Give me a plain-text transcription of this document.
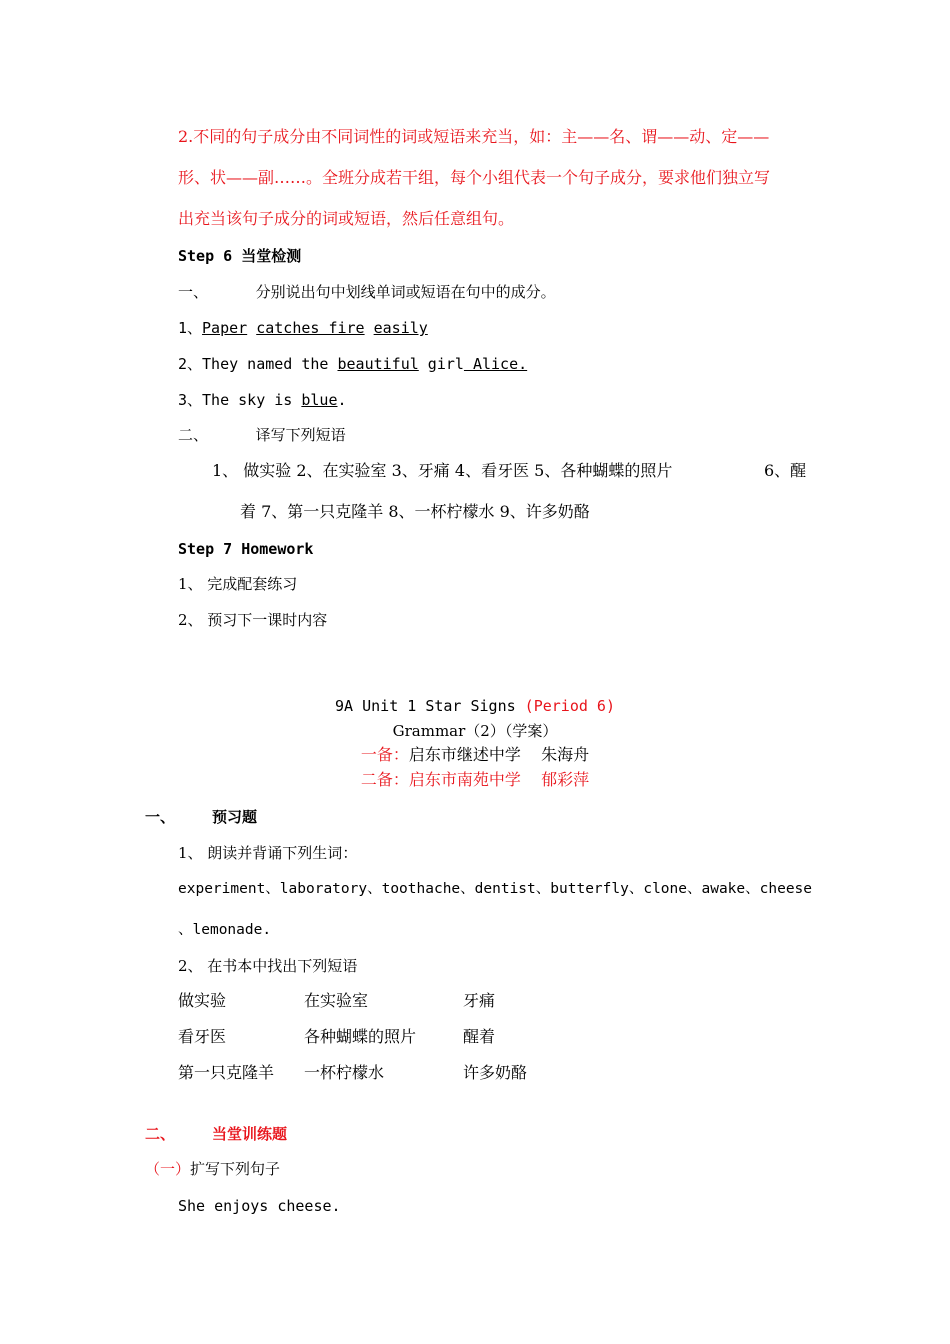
2.不同的句子成分由不同词性的词或短语来充当，如：主——名、谓——动、定——
形、状——副……。全班分成若干组，每个小组代表一个句子成分，要求他们独立写
出充当该句子成分的词或短语，然后任意组句。
Step 6 当堂检测
一、	分别说出句中划线单词或短语在句中的成分。
1、Paper catches fire easily
2、They named the beautiful girl Alice.
3、The sky is blue.
二、	译写下列短语
1、 做实验 2、在实验室 3、牙痛 4、看牙医 5、各种蝴蝶的照片	6、醒
着 7、第一只克隆羊 8、一杯柠檬水 9、许多奶酪
Step 7 Homework
1、 完成配套练习
2、 预习下一课时内容
9A Unit 1 Star Signs (Period 6)
Grammar（2）（学案）
一备：启东市继述中学    朱海舟
二备：启东市南苑中学    郁彩萍
一、 预习题
1、 朗读并背诵下列生词：
experiment、laboratory、toothache、dentist、butterfly、clone、awake、cheese
、lemonade.
2、 在书本中找出下列短语
做实验	在实验室	牙痛
看牙医	各种蝴蝶的照片	醒着
第一只克隆羊 一杯柠檬水	许多奶酪
二、 当堂训练题
（一）扩写下列句子
She enjoys cheese.
